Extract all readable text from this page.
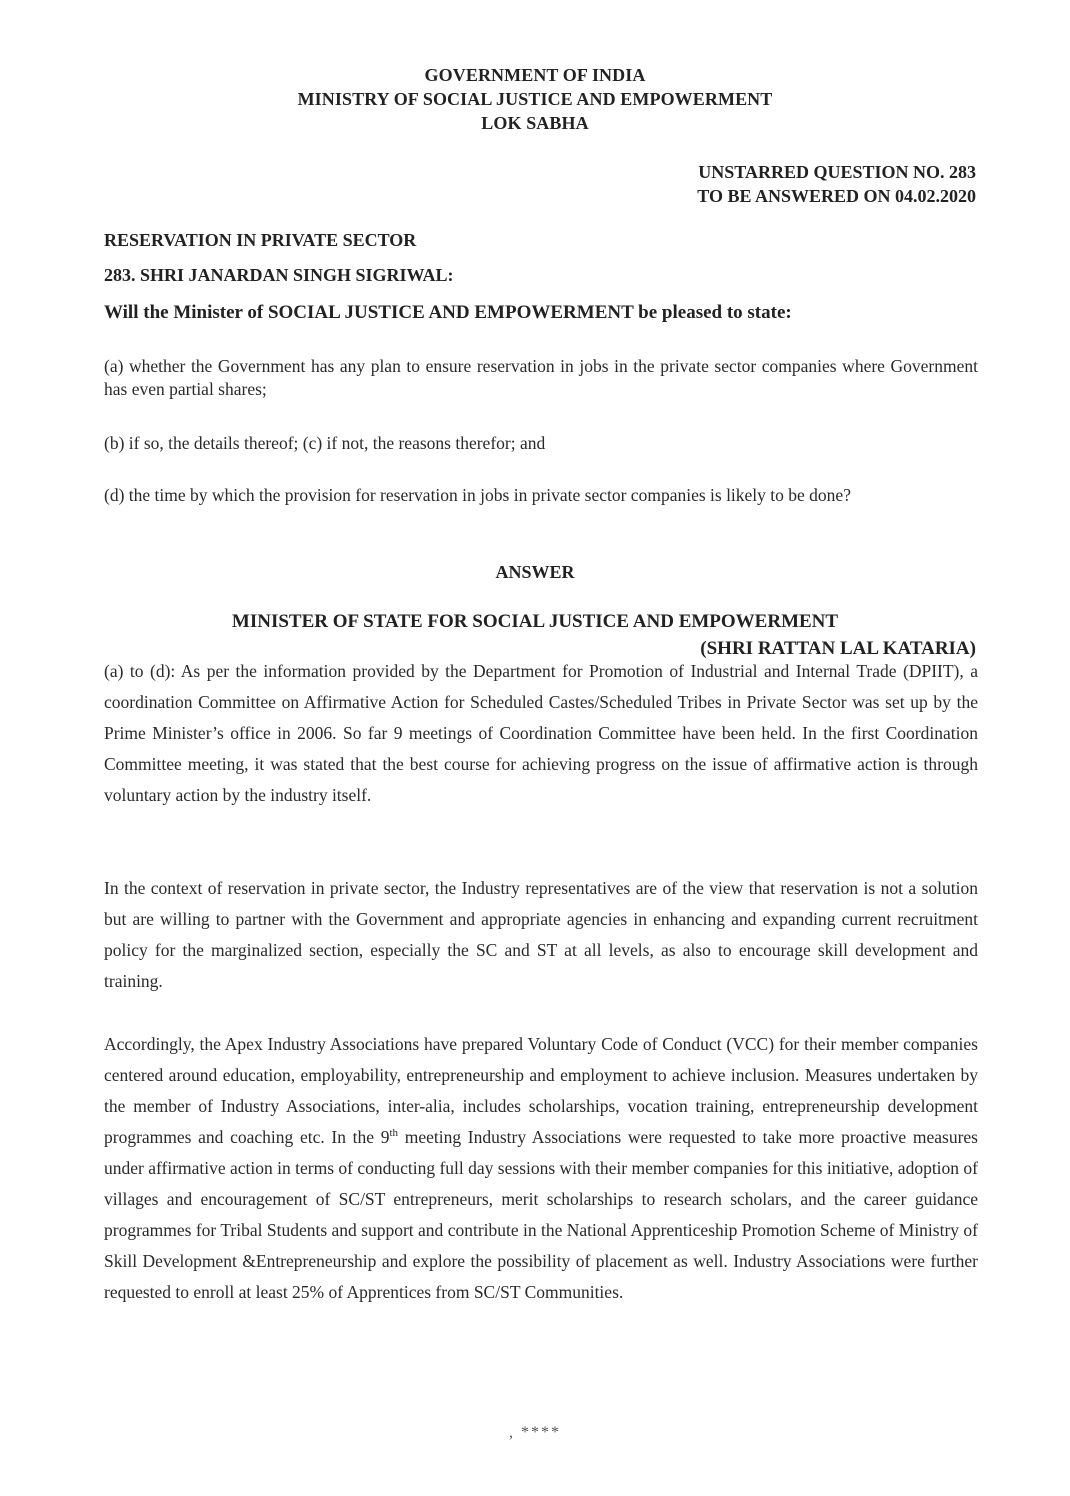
GOVERNMENT OF INDIA
MINISTRY OF SOCIAL JUSTICE AND EMPOWERMENT
LOK SABHA
UNSTARRED QUESTION NO. 283
TO BE ANSWERED ON 04.02.2020
RESERVATION IN PRIVATE SECTOR
283. SHRI JANARDAN SINGH SIGRIWAL:
Will the Minister of SOCIAL JUSTICE AND EMPOWERMENT be pleased to state:
(a) whether the Government has any plan to ensure reservation in jobs in the private sector companies where Government has even partial shares;
(b) if so, the details thereof; (c) if not, the reasons therefor; and
(d) the time by which the provision for reservation in jobs in private sector companies is likely to be done?
ANSWER
MINISTER OF STATE FOR SOCIAL JUSTICE AND EMPOWERMENT
(SHRI RATTAN LAL KATARIA)
(a) to (d): As per the information provided by the Department for Promotion of Industrial and Internal Trade (DPIIT), a coordination Committee on Affirmative Action for Scheduled Castes/Scheduled Tribes in Private Sector was set up by the Prime Minister’s office in 2006. So far 9 meetings of Coordination Committee have been held. In the first Coordination Committee meeting, it was stated that the best course for achieving progress on the issue of affirmative action is through voluntary action by the industry itself.
In the context of reservation in private sector, the Industry representatives are of the view that reservation is not a solution but are willing to partner with the Government and appropriate agencies in enhancing and expanding current recruitment policy for the marginalized section, especially the SC and ST at all levels, as also to encourage skill development and training.
Accordingly, the Apex Industry Associations have prepared Voluntary Code of Conduct (VCC) for their member companies centered around education, employability, entrepreneurship and employment to achieve inclusion. Measures undertaken by the member of Industry Associations, inter-alia, includes scholarships, vocation training, entrepreneurship development programmes and coaching etc. In the 9th meeting Industry Associations were requested to take more proactive measures under affirmative action in terms of conducting full day sessions with their member companies for this initiative, adoption of villages and encouragement of SC/ST entrepreneurs, merit scholarships to research scholars, and the career guidance programmes for Tribal Students and support and contribute in the National Apprenticeship Promotion Scheme of Ministry of Skill Development &Entrepreneurship and explore the possibility of placement as well. Industry Associations were further requested to enroll at least 25% of Apprentices from SC/ST Communities.
, ****
